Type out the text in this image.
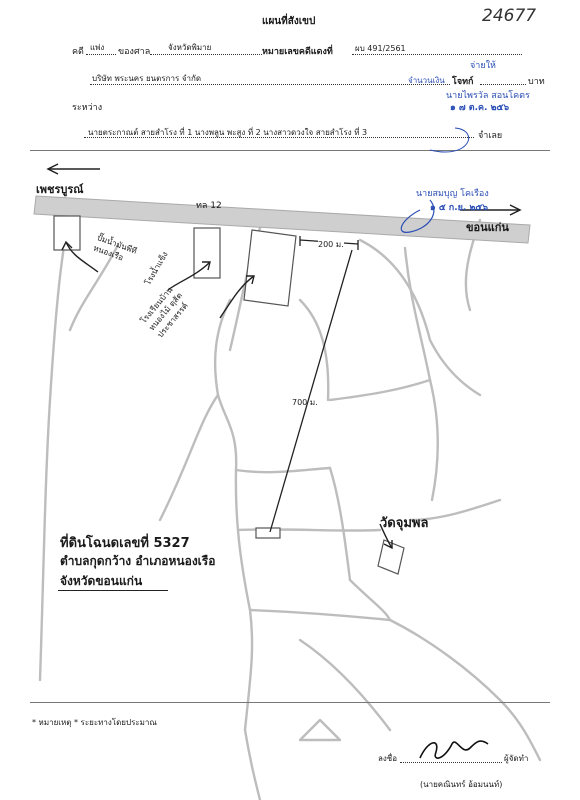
แผนที่สังเขป	24677
คดี แพ่ง ของศาล จังหวัดพิมาย	หมายเลขคดีแดงที่	ผบ 491/2561
บริษัท พระนคร ยนตรการ จำกัด	จำนวนเงิน โจทก์	บาท
จ่ายให้
นายไพรวัล สอนโคตร
๑ ๗ ต.ค. ๒๕๖
ระหว่าง
นายตระกาณต์ สายสำโรง ที่ 1 นางพลูน พะสูง ที่ 2 นางสาวดวงใจ สายสำโรง ที่ 3	จำเลย
เพชรบูรณ์
ขอนแก่น
ทล 12
ปั๊มน้ำมันพีที หนองเรือ	โรงน้ำแข็ง
โรงเรียนบ้านหนองไม้ ตุสัตประชาสรรค์
200 ม.
700 ม.
วัดจุมพล
ที่ดินโฉนดเลขที่ 5327
ตำบลกุดกว้าง อำเภอหนองเรือ
จังหวัดขอนแก่น
นายสมบุญ โคเรือง
๑ ๕ ก.ย. ๒๕๖
* หมายเหตุ * ระยะทางโดยประมาณ
ลงชื่อ	ผู้จัดทำ
(นายคณินทร์ อ้อมนนท์)
